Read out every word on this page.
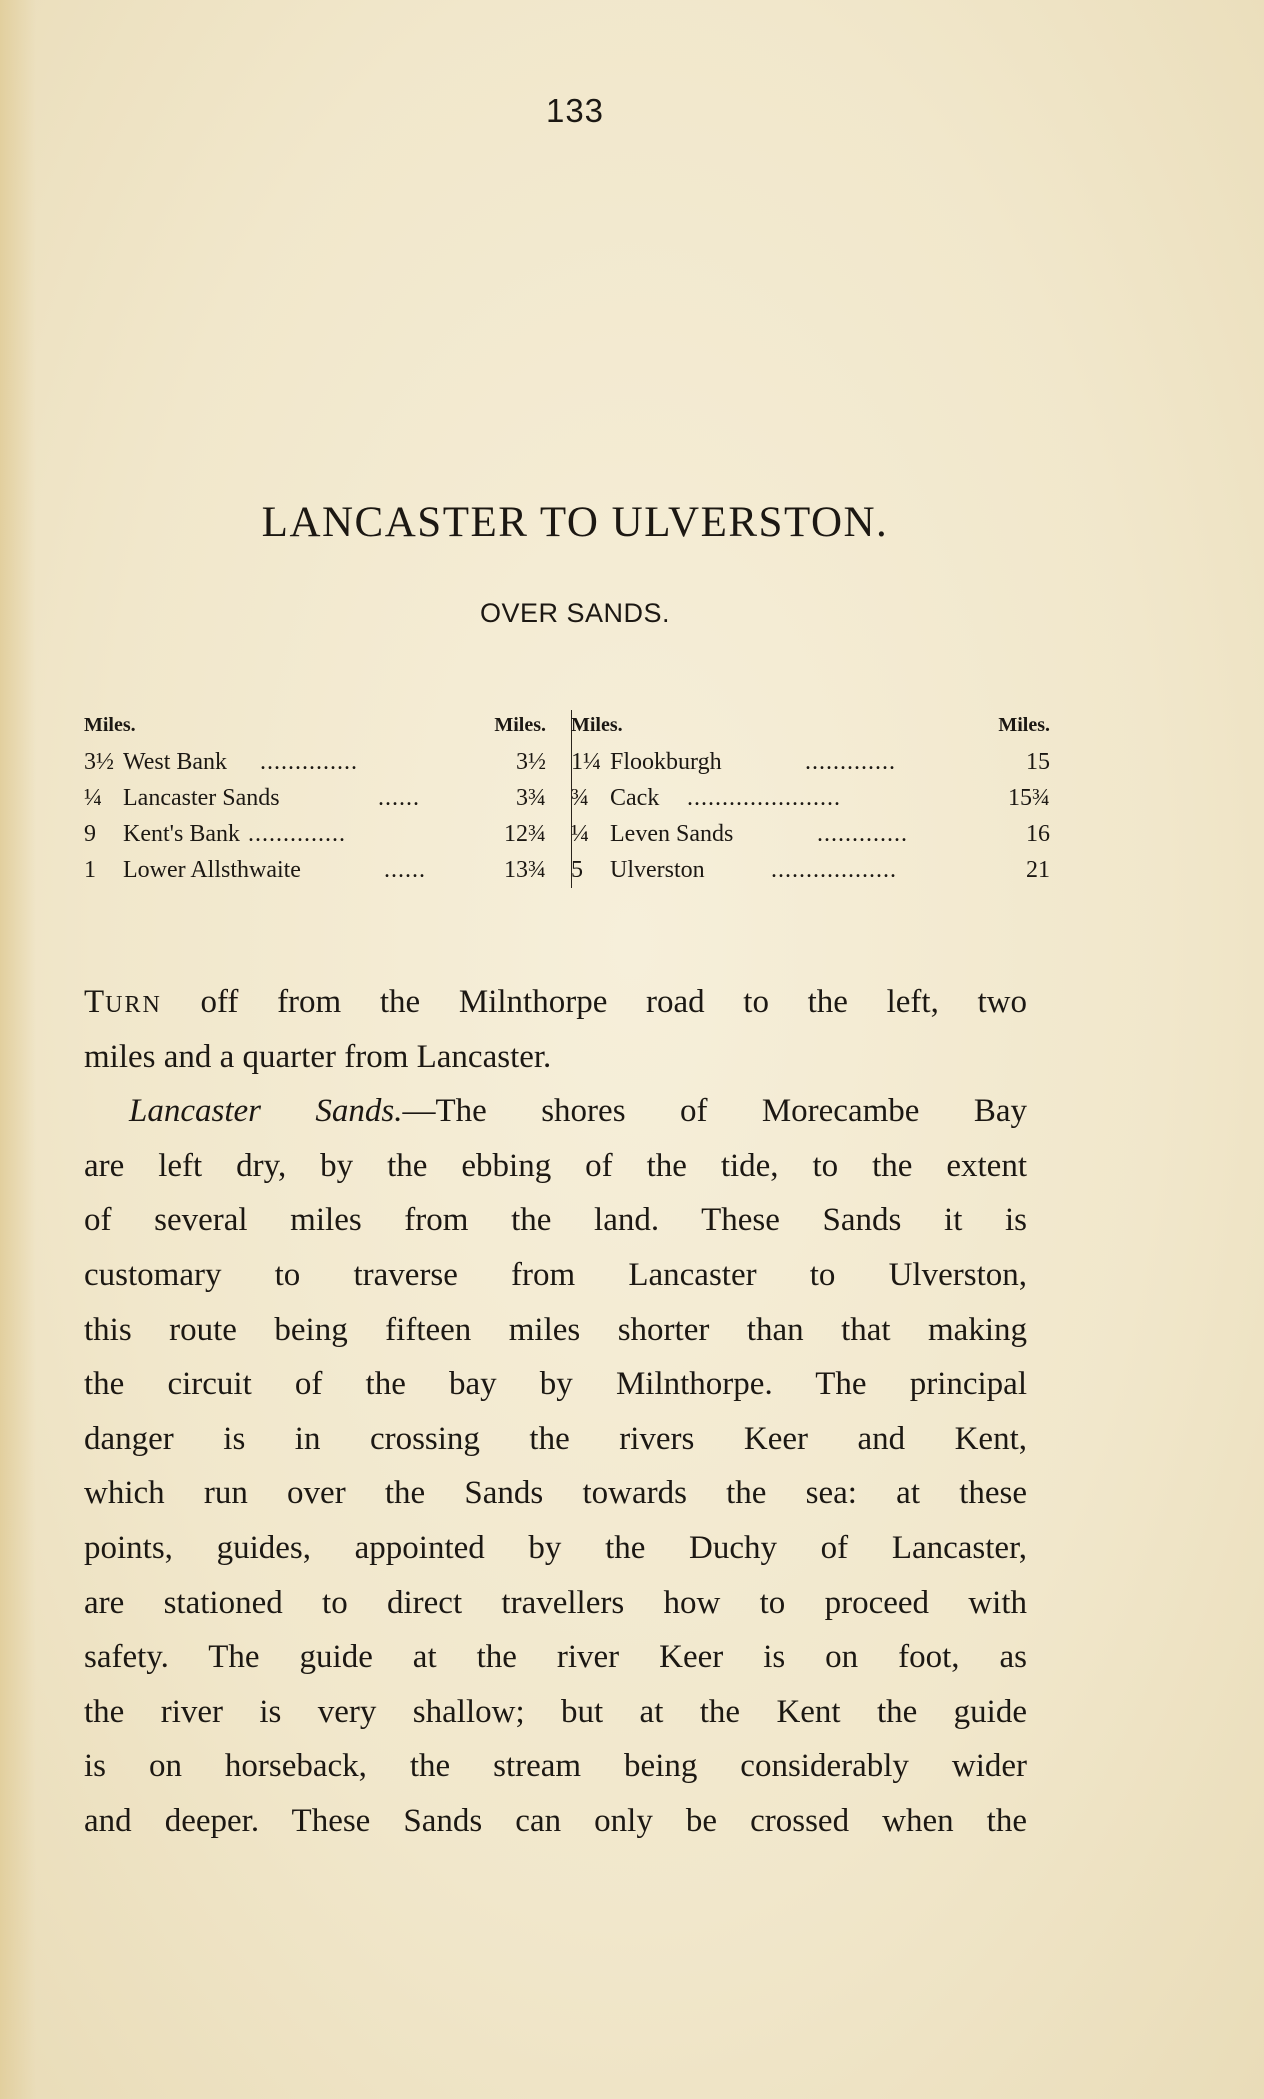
133
LANCASTER TO ULVERSTON.
OVER SANDS.
Miles.	Miles.
3½ West Bank ..............	3½
¼ Lancaster Sands	......	3¾
9	Kent's Bank ..............	12¾
1	Lower Allsthwaite	......	13¾
Miles.	Miles.
1¼ Flookburgh	.............	15
¾ Cack ......................	15¾
¼ Leven Sands	.............	16
5	Ulverston	..................	21
TURN off from the Milnthorpe road to the left, two
miles and a quarter from Lancaster.
Lancaster Sands.—The shores of Morecambe Bay
are left dry, by the ebbing of the tide, to the extent
of several miles from the land. These Sands it is
customary to traverse from Lancaster to Ulverston,
this route being fifteen miles shorter than that making
the circuit of the bay by Milnthorpe. The principal
danger is in crossing the rivers Keer and Kent,
which run over the Sands towards the sea: at these
points, guides, appointed by the Duchy of Lancaster,
are stationed to direct travellers how to proceed with
safety. The guide at the river Keer is on foot, as
the river is very shallow; but at the Kent the guide
is on horseback, the stream being considerably wider
and deeper. These Sands can only be crossed when the
